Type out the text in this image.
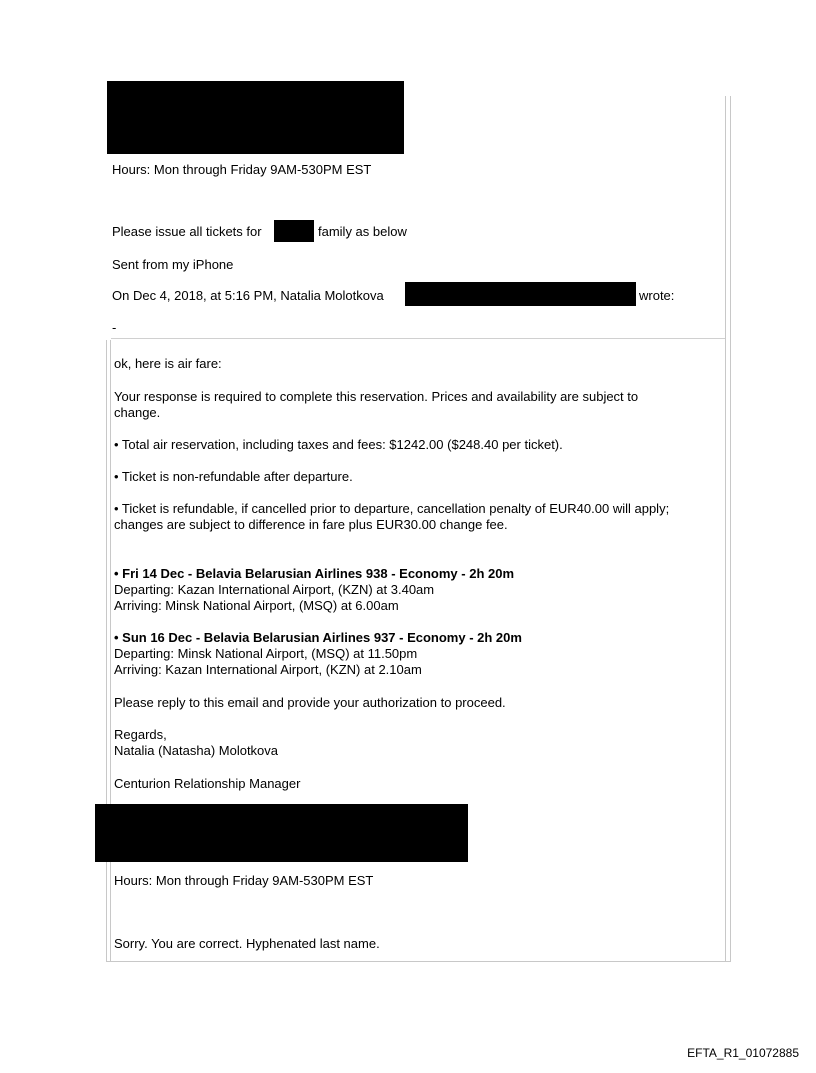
Hours: Mon through Friday 9AM-530PM EST
Please issue all tickets for	family as below
Sent from my iPhone
On Dec 4, 2018, at 5:16 PM, Natalia Molotkova	wrote:
-
ok, here is air fare:
Your response is required to complete this reservation. Prices and availability are subject to
change.
• Total air reservation, including taxes and fees: $1242.00 ($248.40 per ticket).
• Ticket is non-refundable after departure.
• Ticket is refundable, if cancelled prior to departure, cancellation penalty of EUR40.00 will apply;
changes are subject to difference in fare plus EUR30.00 change fee.
• Fri 14 Dec - Belavia Belarusian Airlines 938 - Economy - 2h 20m
Departing: Kazan International Airport, (KZN) at 3.40am
Arriving: Minsk National Airport, (MSQ) at 6.00am
• Sun 16 Dec - Belavia Belarusian Airlines 937 - Economy - 2h 20m
Departing: Minsk National Airport, (MSQ) at 11.50pm
Arriving: Kazan International Airport, (KZN) at 2.10am
Please reply to this email and provide your authorization to proceed.
Regards,
Natalia (Natasha) Molotkova
Centurion Relationship Manager
Hours: Mon through Friday 9AM-530PM EST
Sorry. You are correct. Hyphenated last name.
EFTA_R1_01072885
